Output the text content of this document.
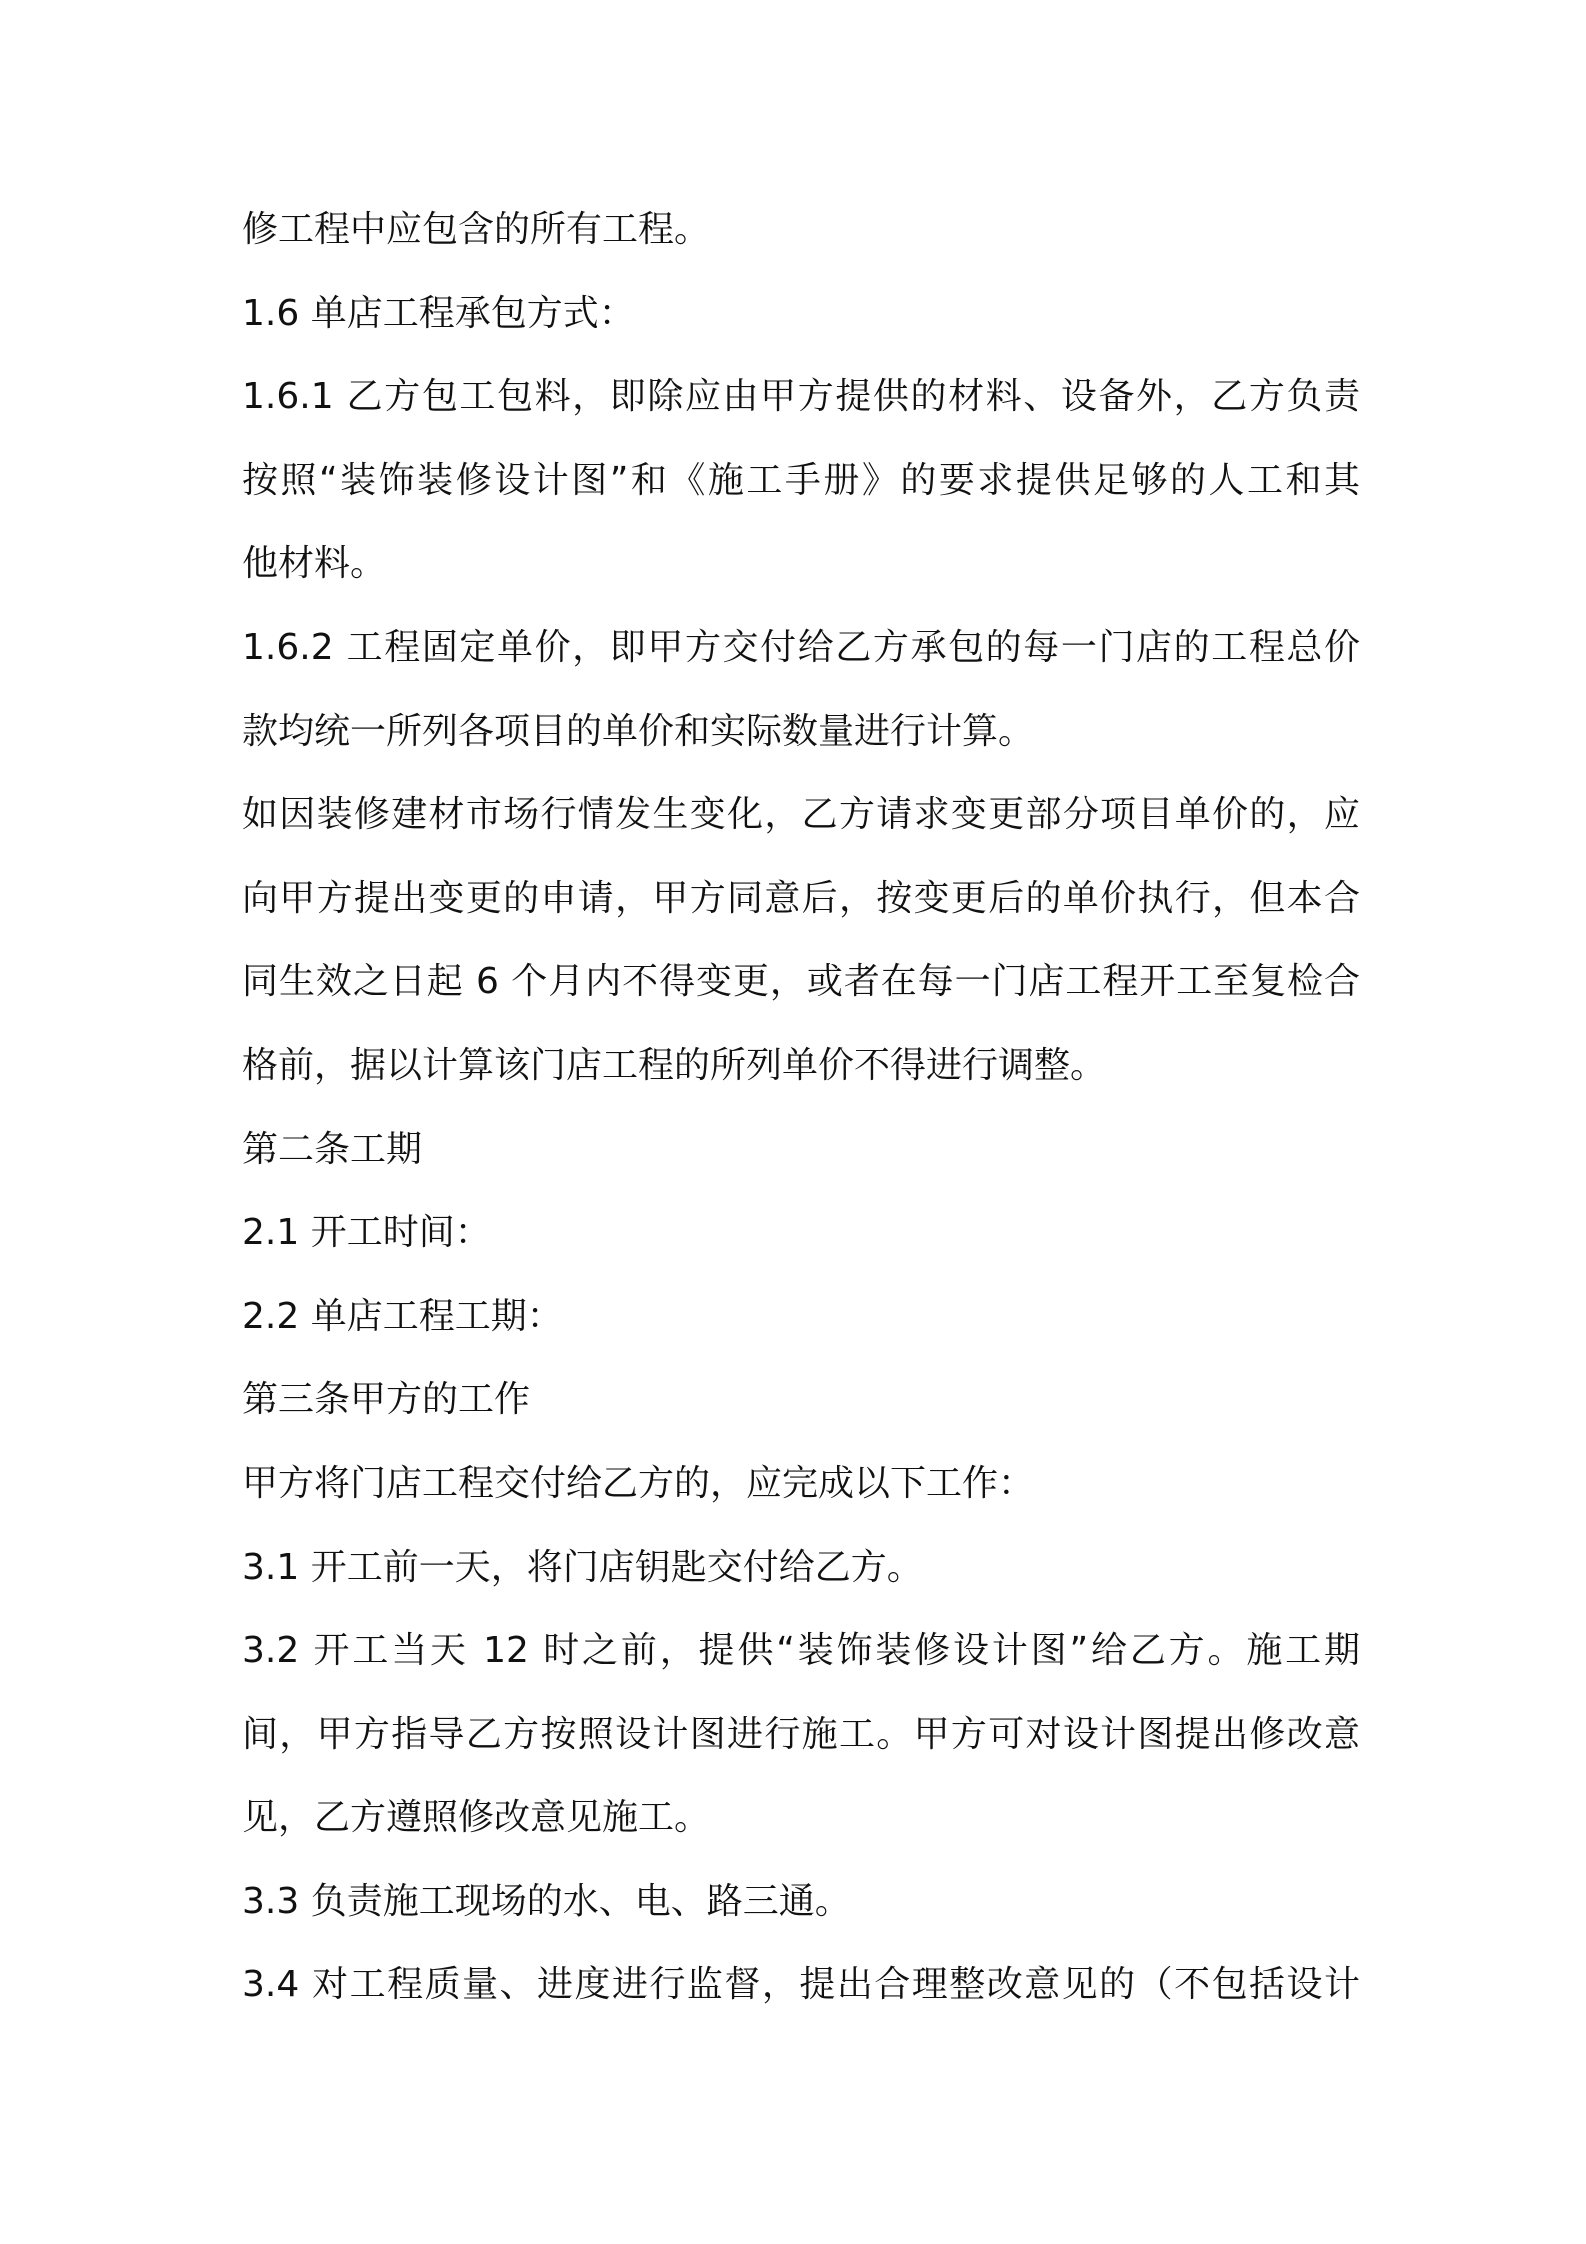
修工程中应包含的所有工程。
1.6 单店工程承包方式：
1.6.1 乙方包工包料，即除应由甲方提供的材料、设备外，乙方负责
按照“装饰装修设计图”和《施工手册》的要求提供足够的人工和其
他材料。
1.6.2 工程固定单价，即甲方交付给乙方承包的每一门店的工程总价
款均统一所列各项目的单价和实际数量进行计算。
如因装修建材市场行情发生变化，乙方请求变更部分项目单价的，应
向甲方提出变更的申请，甲方同意后，按变更后的单价执行，但本合
同生效之日起 6 个月内不得变更，或者在每一门店工程开工至复检合
格前，据以计算该门店工程的所列单价不得进行调整。
第二条工期
2.1 开工时间：
2.2 单店工程工期：
第三条甲方的工作
甲方将门店工程交付给乙方的，应完成以下工作：
3.1 开工前一天，将门店钥匙交付给乙方。
3.2 开工当天 12 时之前，提供“装饰装修设计图”给乙方。施工期
间，甲方指导乙方按照设计图进行施工。甲方可对设计图提出修改意
见，乙方遵照修改意见施工。
3.3 负责施工现场的水、电、路三通。
3.4 对工程质量、进度进行监督，提出合理整改意见的（不包括设计
